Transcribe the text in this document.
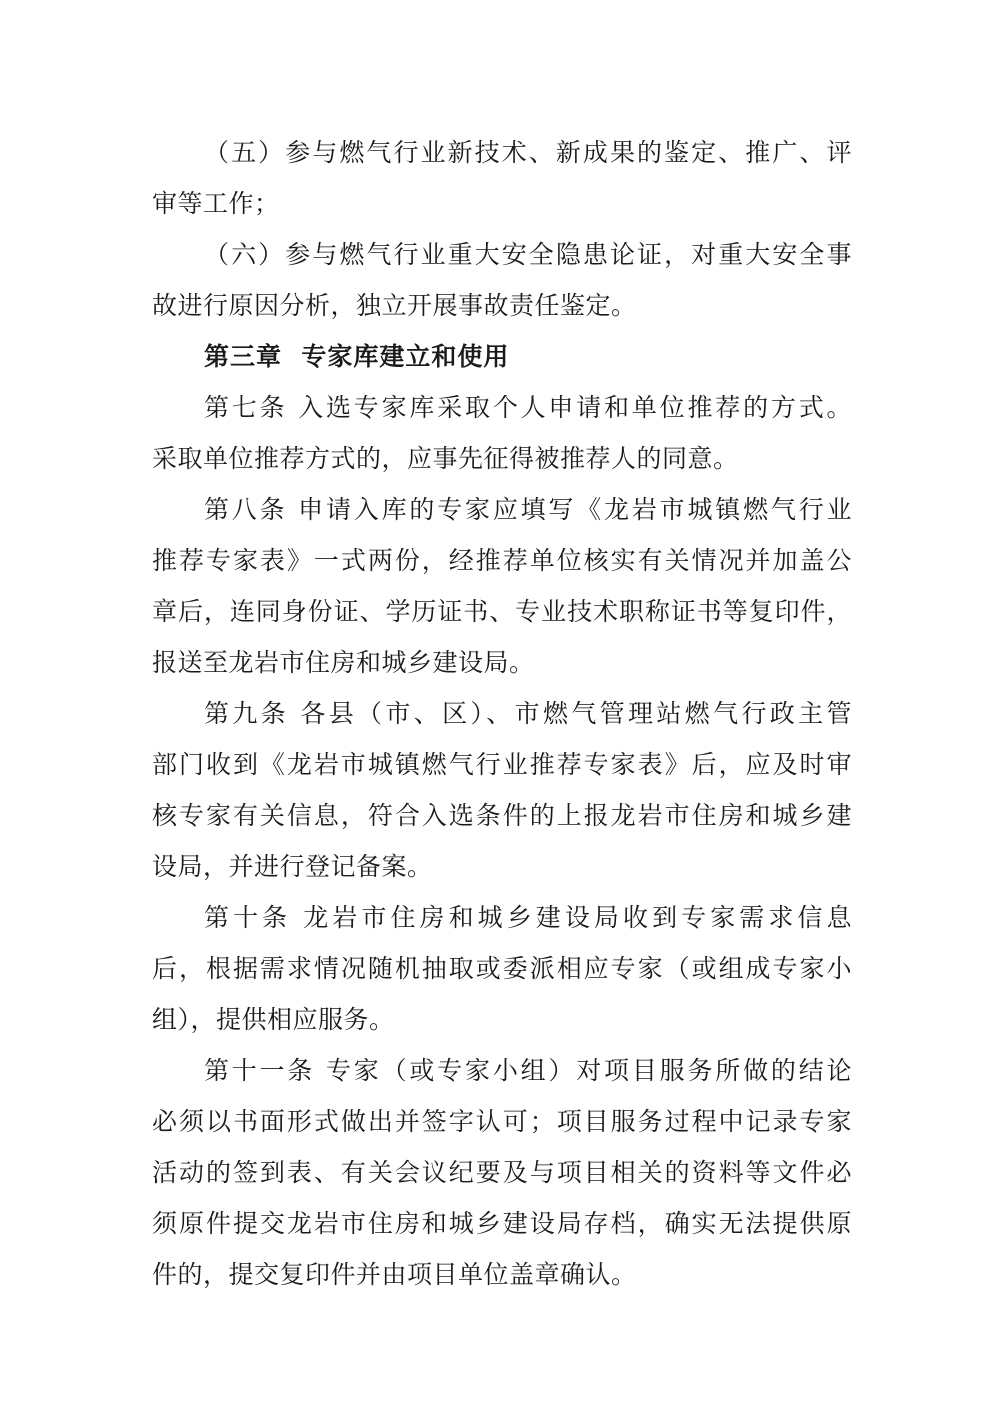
（五）参与燃气行业新技术、新成果的鉴定、推广、评
审等工作；
（六）参与燃气行业重大安全隐患论证，对重大安全事
故进行原因分析，独立开展事故责任鉴定。
第三章  专家库建立和使用
第七条 入选专家库采取个人申请和单位推荐的方式。
采取单位推荐方式的，应事先征得被推荐人的同意。
第八条 申请入库的专家应填写《龙岩市城镇燃气行业
推荐专家表》一式两份，经推荐单位核实有关情况并加盖公
章后，连同身份证、学历证书、专业技术职称证书等复印件，
报送至龙岩市住房和城乡建设局。
第九条 各县（市、区）、市燃气管理站燃气行政主管
部门收到《龙岩市城镇燃气行业推荐专家表》后，应及时审
核专家有关信息，符合入选条件的上报龙岩市住房和城乡建
设局，并进行登记备案。
第十条 龙岩市住房和城乡建设局收到专家需求信息
后，根据需求情况随机抽取或委派相应专家（或组成专家小
组），提供相应服务。
第十一条 专家（或专家小组）对项目服务所做的结论
必须以书面形式做出并签字认可；项目服务过程中记录专家
活动的签到表、有关会议纪要及与项目相关的资料等文件必
须原件提交龙岩市住房和城乡建设局存档，确实无法提供原
件的，提交复印件并由项目单位盖章确认。
